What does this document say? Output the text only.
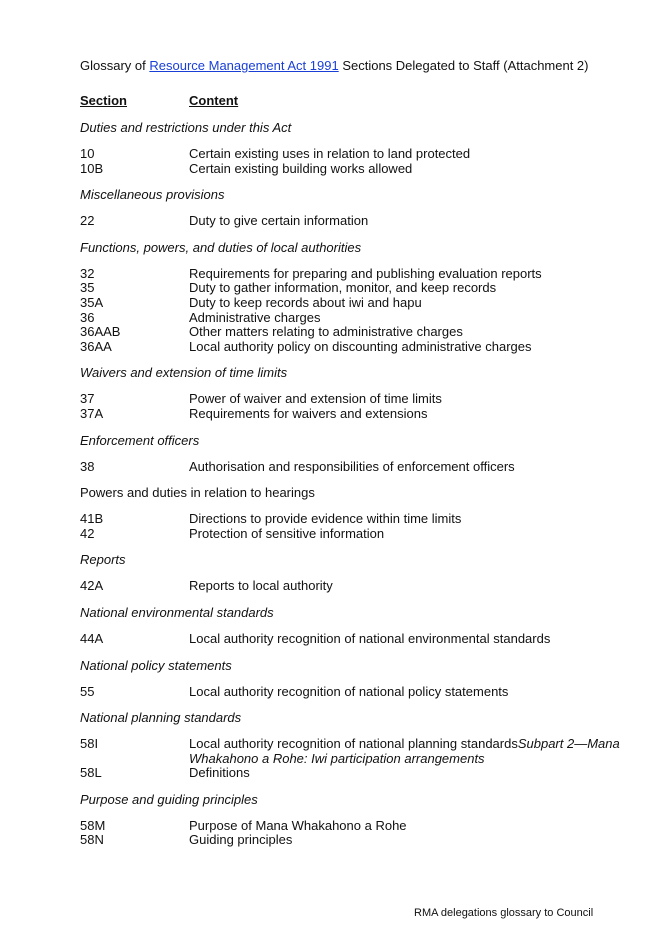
Glossary of Resource Management Act 1991 Sections Delegated to Staff (Attachment 2)
Section	Content
Duties and restrictions under this Act
10	Certain existing uses in relation to land protected
10B	Certain existing building works allowed
Miscellaneous provisions
22	Duty to give certain information
Functions, powers, and duties of local authorities
32	Requirements for preparing and publishing evaluation reports
35	Duty to gather information, monitor, and keep records
35A	Duty to keep records about iwi and hapu
36	Administrative charges
36AAB	Other matters relating to administrative charges
36AA	Local authority policy on discounting administrative charges
Waivers and extension of time limits
37	Power of waiver and extension of time limits
37A	Requirements for waivers and extensions
Enforcement officers
38	Authorisation and responsibilities of enforcement officers
Powers and duties in relation to hearings
41B	Directions to provide evidence within time limits
42	Protection of sensitive information
Reports
42A	Reports to local authority
National environmental standards
44A	Local authority recognition of national environmental standards
National policy statements
55	Local authority recognition of national policy statements
National planning standards
58I	Local authority recognition of national planning standardsSubpart 2—Mana Whakahono a Rohe: Iwi participation arrangements
58L	Definitions
Purpose and guiding principles
58M	Purpose of Mana Whakahono a Rohe
58N	Guiding principles
RMA delegations glossary to Council
